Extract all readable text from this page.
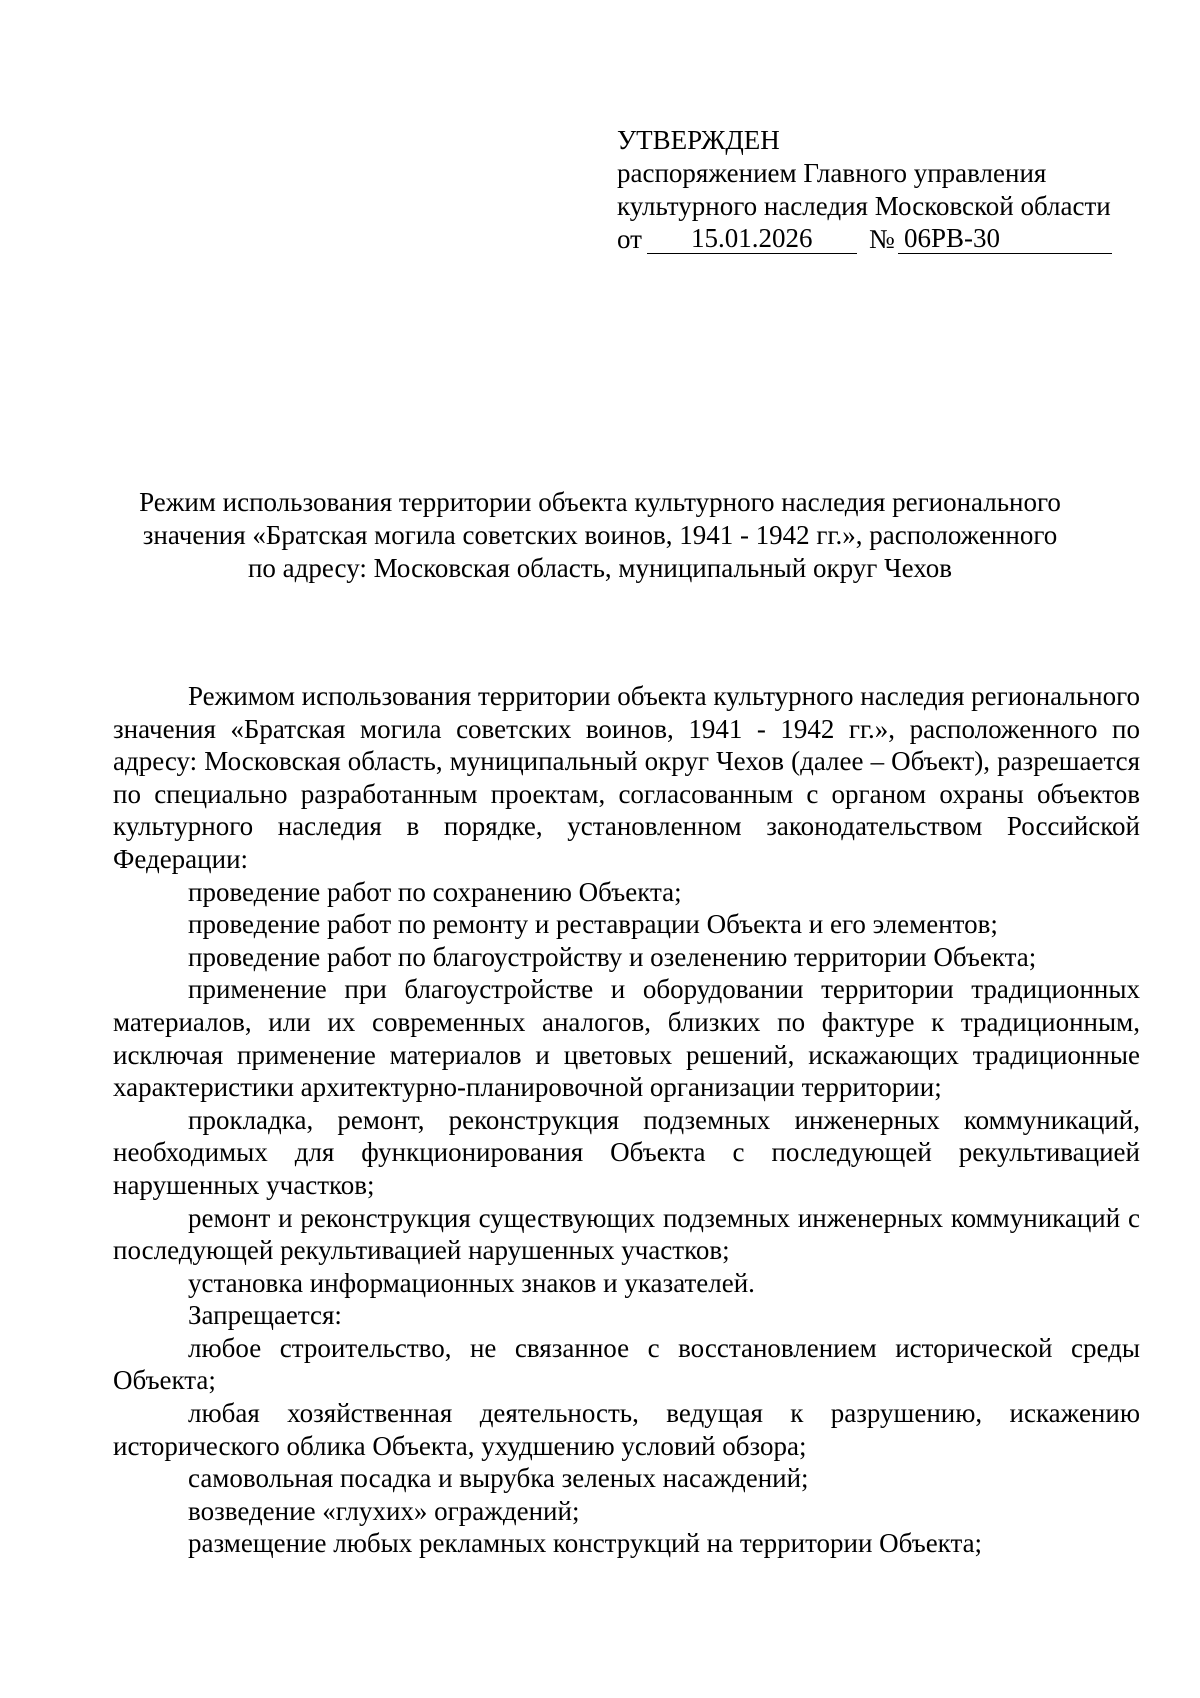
УТВЕРЖДЕН
распоряжением Главного управления
культурного наследия Московской области
от 15.01.2026 № 06РВ-30
Режим использования территории объекта культурного наследия регионального
значения «Братская могила советских воинов, 1941 - 1942 гг.», расположенного
по адресу: Московская область, муниципальный округ Чехов

Режимом использования территории объекта культурного наследия регионального значения «Братская могила советских воинов, 1941 - 1942 гг.», расположенного по адресу: Московская область, муниципальный округ Чехов (далее – Объект), разрешается по специально разработанным проектам, согласованным с органом охраны объектов культурного наследия в порядке, установленном законодательством Российской Федерации:

проведение работ по сохранению Объекта;

проведение работ по ремонту и реставрации Объекта и его элементов;

проведение работ по благоустройству и озеленению территории Объекта;

применение при благоустройстве и оборудовании территории традиционных материалов, или их современных аналогов, близких по фактуре к традиционным, исключая применение материалов и цветовых решений, искажающих традиционные характеристики архитектурно-планировочной организации территории;

прокладка, ремонт, реконструкция подземных инженерных коммуникаций, необходимых для функционирования Объекта с последующей рекультивацией нарушенных участков;

ремонт и реконструкция существующих подземных инженерных коммуникаций с последующей рекультивацией нарушенных участков;

установка информационных знаков и указателей.

Запрещается:

любое строительство, не связанное с восстановлением исторической среды Объекта;

любая хозяйственная деятельность, ведущая к разрушению, искажению исторического облика Объекта, ухудшению условий обзора;

самовольная посадка и вырубка зеленых насаждений;

возведение «глухих» ограждений;

размещение любых рекламных конструкций на территории Объекта;
